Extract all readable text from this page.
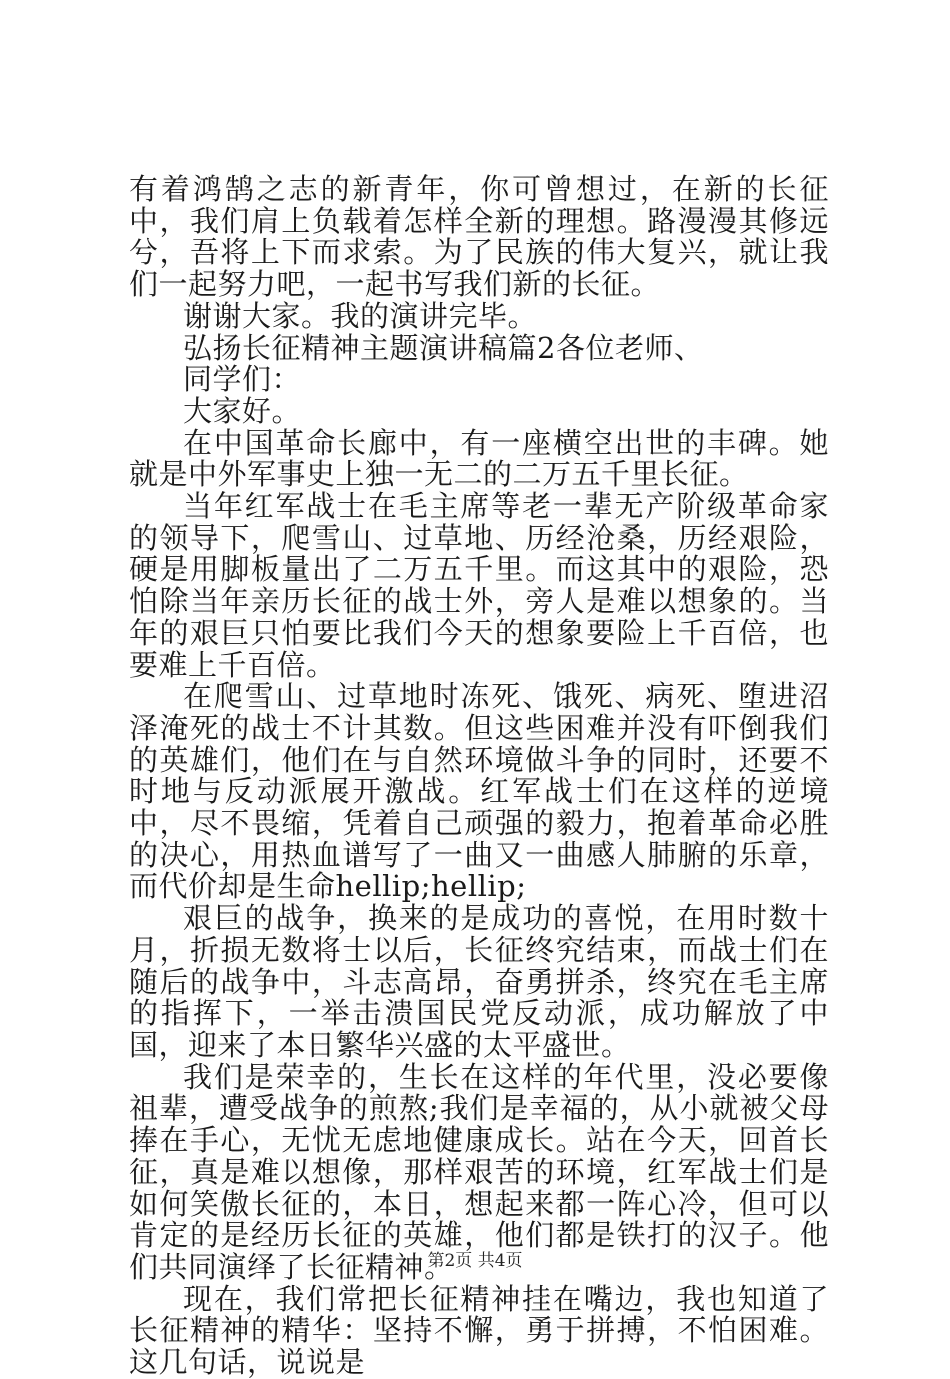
有着鸿鹄之志的新青年，你可曾想过，在新的长征中，我们肩上负载着怎样全新的理想。路漫漫其修远兮，吾将上下而求索。为了民族的伟大复兴，就让我们一起努力吧，一起书写我们新的长征。

谢谢大家。我的演讲完毕。

弘扬长征精神主题演讲稿篇2各位老师、

同学们：

大家好。

在中国革命长廊中，有一座横空出世的丰碑。她就是中外军事史上独一无二的二万五千里长征。

当年红军战士在毛主席等老一辈无产阶级革命家的领导下，爬雪山、过草地、历经沧桑，历经艰险，硬是用脚板量出了二万五千里。而这其中的艰险，恐怕除当年亲历长征的战士外，旁人是难以想象的。当年的艰巨只怕要比我们今天的想象要险上千百倍，也要难上千百倍。

在爬雪山、过草地时冻死、饿死、病死、堕进沼泽淹死的战士不计其数。但这些困难并没有吓倒我们的英雄们，他们在与自然环境做斗争的同时，还要不时地与反动派展开激战。红军战士们在这样的逆境中，尽不畏缩，凭着自己顽强的毅力，抱着革命必胜的决心，用热血谱写了一曲又一曲感人肺腑的乐章，而代价却是生命hellip;hellip;

艰巨的战争，换来的是成功的喜悦，在用时数十月，折损无数将士以后，长征终究结束，而战士们在随后的战争中，斗志高昂，奋勇拼杀，终究在毛主席的指挥下，一举击溃国民党反动派，成功解放了中国，迎来了本日繁华兴盛的太平盛世。

我们是荣幸的，生长在这样的年代里，没必要像祖辈，遭受战争的煎熬;我们是幸福的，从小就被父母捧在手心，无忧无虑地健康成长。站在今天，回首长征，真是难以想像，那样艰苦的环境，红军战士们是如何笑傲长征的，本日，想起来都一阵心冷，但可以肯定的是经历长征的英雄，他们都是铁打的汉子。他们共同演绎了长征精神。

现在，我们常把长征精神挂在嘴边，我也知道了长征精神的精华：坚持不懈，勇于拼搏，不怕困难。这几句话，说说是

第2页 共4页
